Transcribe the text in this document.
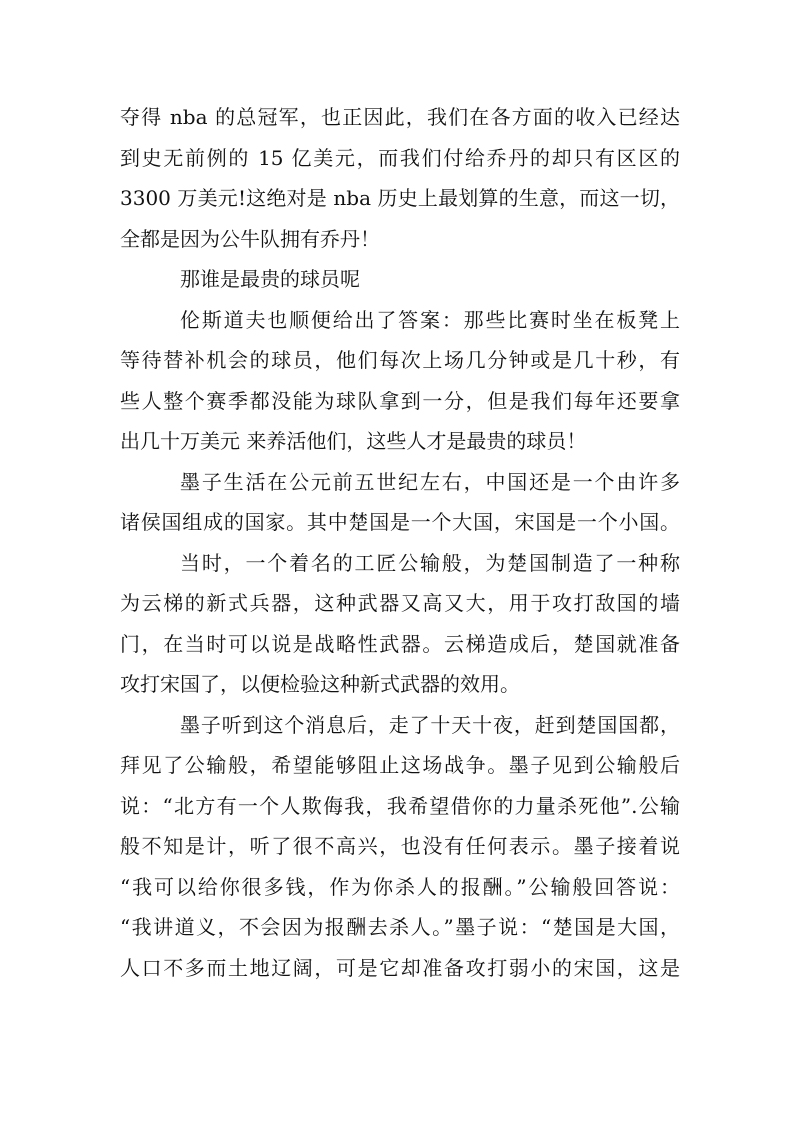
夺得 nba 的总冠军，也正因此，我们在各方面的收入已经达
到史无前例的 15 亿美元，而我们付给乔丹的却只有区区的
3300 万美元!这绝对是 nba 历史上最划算的生意，而这一切，
全都是因为公牛队拥有乔丹！
那谁是最贵的球员呢
伦斯道夫也顺便给出了答案：那些比赛时坐在板凳上
等待替补机会的球员，他们每次上场几分钟或是几十秒，有
些人整个赛季都没能为球队拿到一分，但是我们每年还要拿
出几十万美元 来养活他们，这些人才是最贵的球员！
墨子生活在公元前五世纪左右，中国还是一个由许多
诸侯国组成的国家。其中楚国是一个大国，宋国是一个小国。
当时，一个着名的工匠公输般，为楚国制造了一种称
为云梯的新式兵器，这种武器又高又大，用于攻打敌国的墙
门，在当时可以说是战略性武器。云梯造成后，楚国就准备
攻打宋国了，以便检验这种新式武器的效用。
墨子听到这个消息后，走了十天十夜，赶到楚国国都，
拜见了公输般，希望能够阻止这场战争。墨子见到公输般后
说：“北方有一个人欺侮我，我希望借你的力量杀死他”.公输
般不知是计，听了很不高兴，也没有任何表示。墨子接着说
“我可以给你很多钱，作为你杀人的报酬。”公输般回答说：
“我讲道义，不会因为报酬去杀人。”墨子说：“楚国是大国，
人口不多而土地辽阔，可是它却准备攻打弱小的宋国，这是
